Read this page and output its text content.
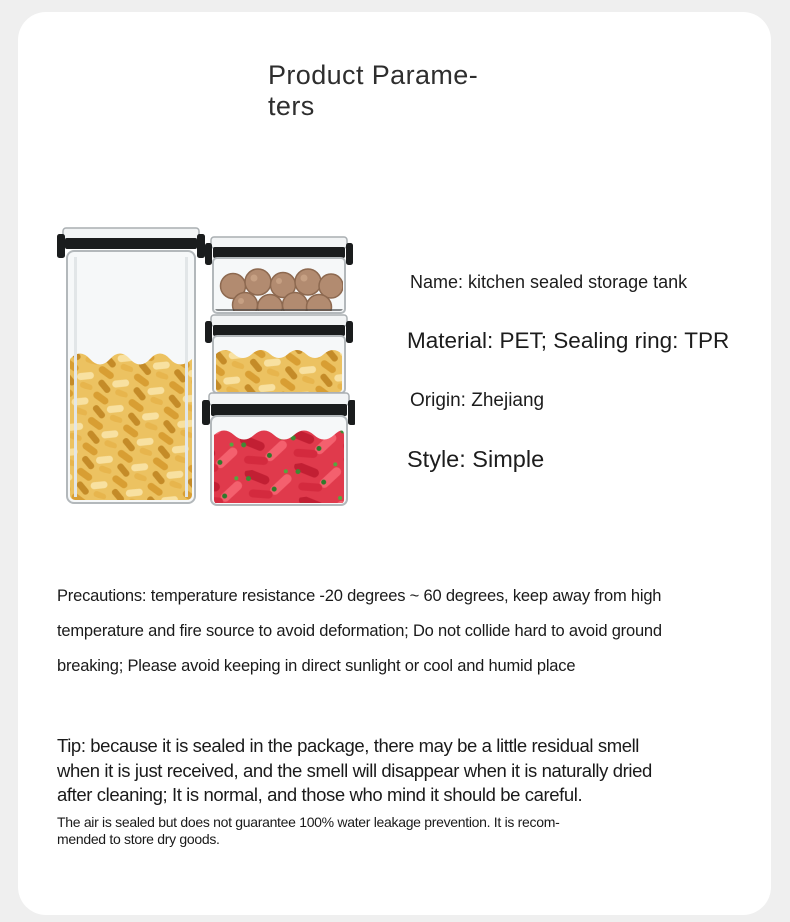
Product Parame-
ters
Name: kitchen sealed storage tank
Material: PET; Sealing ring: TPR
Origin: Zhejiang
Style: Simple
Precautions: temperature resistance -20 degrees ~ 60 degrees, keep away from high
temperature and fire source to avoid deformation; Do not collide hard to avoid ground
breaking; Please avoid keeping in direct sunlight or cool and humid place
Tip: because it is sealed in the package, there may be a little residual smell
when it is just received, and the smell will disappear when it is naturally dried
after cleaning; It is normal, and those who mind it should be careful.
The air is sealed but does not guarantee 100% water leakage prevention. It is recom-
mended to store dry goods.
